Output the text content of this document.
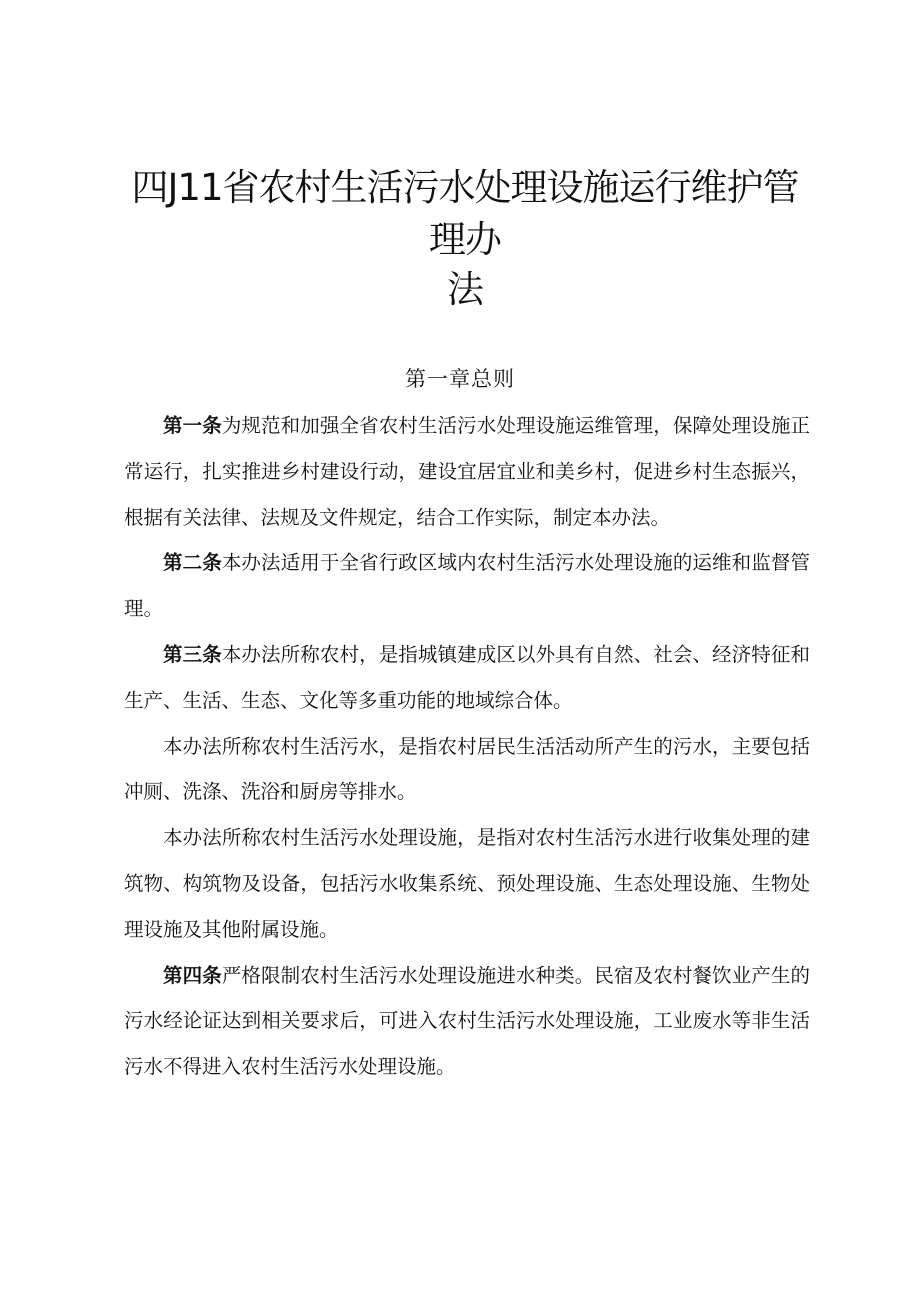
四J11省农村生活污水处理设施运行维护管
理办
法
第一章总则

第一条为规范和加强全省农村生活污水处理设施运维管理，保障处理设施正常运行，扎实推进乡村建设行动，建设宜居宜业和美乡村，促进乡村生态振兴，根据有关法律、法规及文件规定，结合工作实际，制定本办法。

第二条本办法适用于全省行政区域内农村生活污水处理设施的运维和监督管理。

第三条本办法所称农村，是指城镇建成区以外具有自然、社会、经济特征和生产、生活、生态、文化等多重功能的地域综合体。

本办法所称农村生活污水，是指农村居民生活活动所产生的污水，主要包括冲厕、洗涤、洗浴和厨房等排水。

本办法所称农村生活污水处理设施，是指对农村生活污水进行收集处理的建筑物、构筑物及设备，包括污水收集系统、预处理设施、生态处理设施、生物处理设施及其他附属设施。

第四条严格限制农村生活污水处理设施进水种类。民宿及农村餐饮业产生的污水经论证达到相关要求后，可进入农村生活污水处理设施，工业废水等非生活污水不得进入农村生活污水处理设施。
